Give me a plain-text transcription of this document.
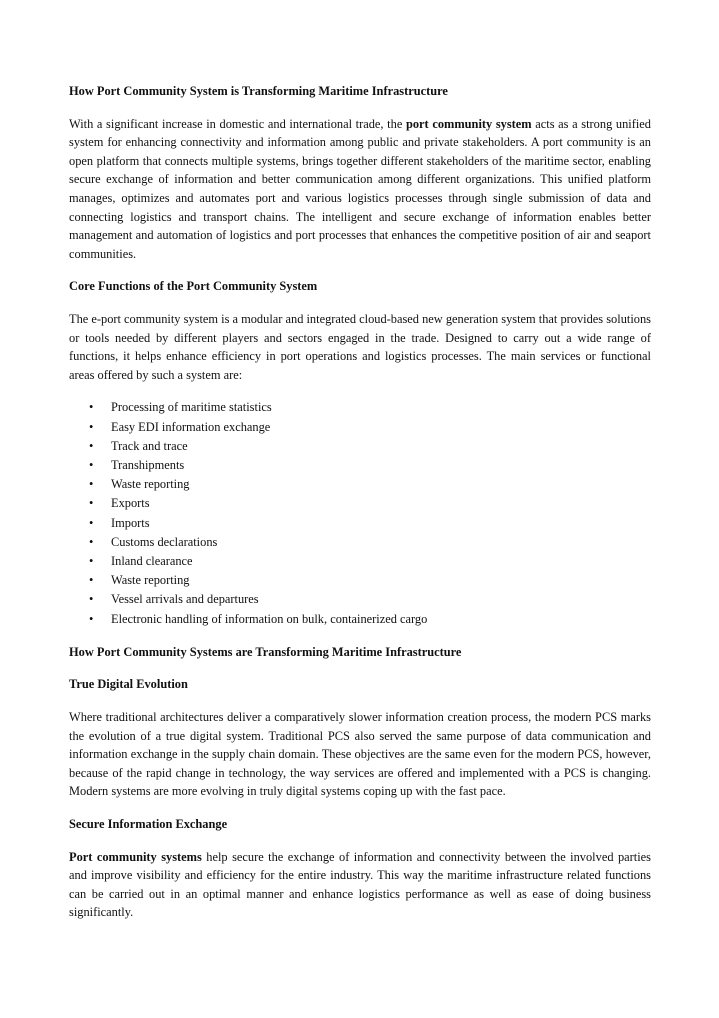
How Port Community System is Transforming Maritime Infrastructure

With a significant increase in domestic and international trade, the port community system acts as a strong unified system for enhancing connectivity and information among public and private stakeholders. A port community is an open platform that connects multiple systems, brings together different stakeholders of the maritime sector, enabling secure exchange of information and better communication among different organizations. This unified platform manages, optimizes and automates port and various logistics processes through single submission of data and connecting logistics and transport chains. The intelligent and secure exchange of information enables better management and automation of logistics and port processes that enhances the competitive position of air and seaport communities.

Core Functions of the Port Community System

The e-port community system is a modular and integrated cloud-based new generation system that provides solutions or tools needed by different players and sectors engaged in the trade. Designed to carry out a wide range of functions, it helps enhance efficiency in port operations and logistics processes. The main services or functional areas offered by such a system are:

• Processing of maritime statistics
• Easy EDI information exchange
• Track and trace
• Transhipments
• Waste reporting
• Exports
• Imports
• Customs declarations
• Inland clearance
• Waste reporting
• Vessel arrivals and departures
• Electronic handling of information on bulk, containerized cargo
How Port Community Systems are Transforming Maritime Infrastructure
True Digital Evolution

Where traditional architectures deliver a comparatively slower information creation process, the modern PCS marks the evolution of a true digital system. Traditional PCS also served the same purpose of data communication and information exchange in the supply chain domain. These objectives are the same even for the modern PCS, however, because of the rapid change in technology, the way services are offered and implemented with a PCS is changing. Modern systems are more evolving in truly digital systems coping up with the fast pace.

Secure Information Exchange

Port community systems help secure the exchange of information and connectivity between the involved parties and improve visibility and efficiency for the entire industry. This way the maritime infrastructure related functions can be carried out in an optimal manner and enhance logistics performance as well as ease of doing business significantly.
